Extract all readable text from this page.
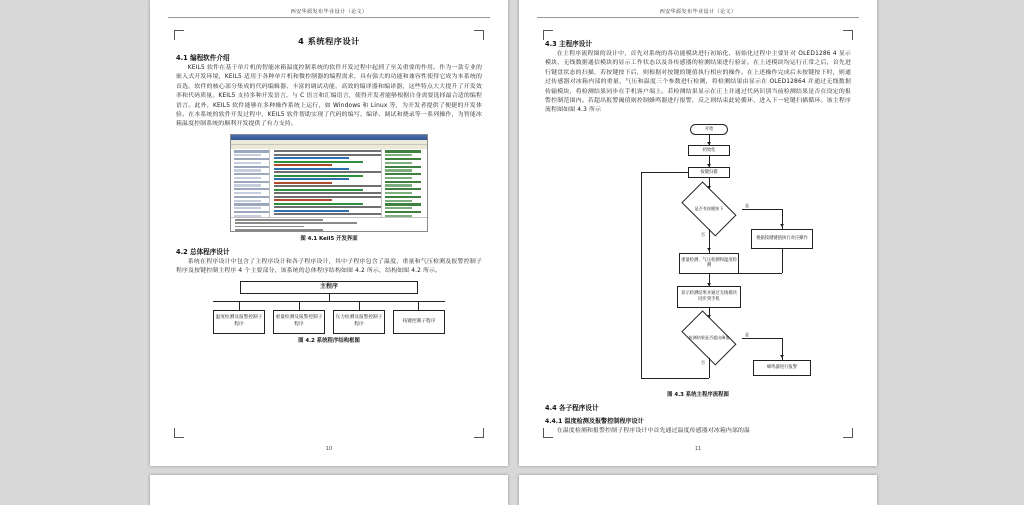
西安华源发布毕业设计（论文）
4 系统程序设计
4.1 编程软件介绍

KEIL5 软件在基于单片机的智能冰箱温度控制系统的软件开发过程中起到了至关重要的作用。作为一款专业的嵌入式开发环境，KEIL5 适用于各种单片机和微控制器的编程需求，具有强大的功能和兼容性使得它成为本系统的首选。软件的核心部分集成的代码编辑器、丰富的调试功能，高效的编译器和编译器，这些特点大大提升了开发效率和代码质量。KEIL5 支持多种开发语言，与 C 语言和汇编语言，使得开发者能够根据自身需要选择最合适的编程语言。此外，KEIL5 软件能够在多种操作系统上运行，如 Windows 和 Linux 等，为开发者提供了便捷的开发体验。在本系统的软件开发过程中，KEIL5 软件帮助实现了代码的编写、编译、调试和烧录等一系列操作，为智能冰箱温度控制系统的顺利开发提供了有力支持。

图 4.1 Keil5 开发界面
4.2 总体程序设计

系统在程序设计中包含了主程序设计和各子程序设计，其中子程序包含了温度、重量和气压检测及报警控制子程序及按键控制主程序 4 个主要部分，该系统的总体程序结构如图 4.2 所示，结构如图 4.2 所示。

主程序
温度检测及报警控制子程序
重量检测及报警控制子程序
压力检测及报警控制子程序
按键控制子程序
图 4.2 系统程序结构框图
10
西安华源发布毕业设计（论文）
4.3 主程序设计

在主程序流程图的设计中，首先对系统的各功能模块进行初始化，初始化过程中主要针对 OLED1286 4 显示模块、无线数据通信模块的显示工作状态以及各传感器的检测结果进行验证。在上述模块均运行正常之后，首先进行键盘状态的扫描，若按键按下后，则根据对按键的键值执行相应的操作。在上述操作完成后未按键按下时，则通过传感器对冰箱内部的重量、气压和温度三个参数进行检测，将检测结果由显示在 OLED12864 并通过无线数据传输模块，将检测结果同步在手机客户端上。若检测结果显示在正上并通过代码识别当前检测结果是否在设定的报警控制范围内。若超出报警阈值则控制蜂鸣器进行报警，反之则结束此轮循环，进入下一轮键扫描循环。该主程序流程图如图 4.3 所示

开始
初始化
按键扫描
是否有按键按下
是
根据按键键值执行对应操作
否
重量检测、气压检测和温度检测
显示检测结果并通过无线模块同步到手机
检测结果是否超出阈值
是
蜂鸣器进行报警
否
图 4.3 系统主程序流程图
4.4 各子程序设计
4.4.1 温度检测及报警控制程序设计

在温度检测和报警控制子程序设计中首先通过温度传感器对冰箱内部的温

11
